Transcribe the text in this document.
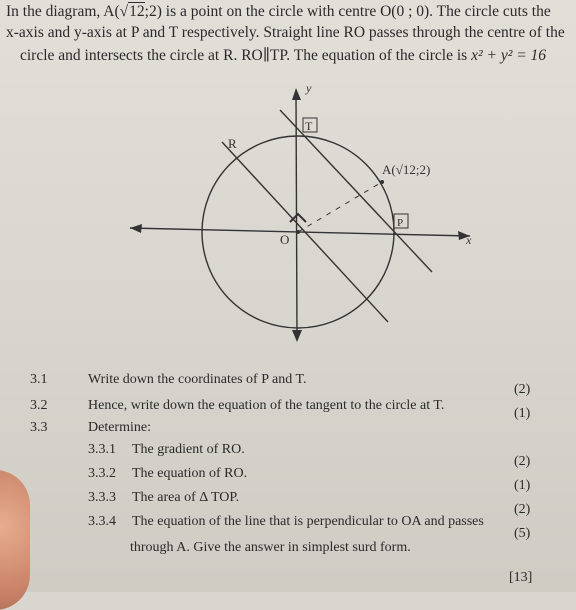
In the diagram, A(√12;2) is a point on the circle with centre O(0 ; 0). The circle cuts the
x-axis and y-axis at P and T respectively. Straight line RO passes through the centre of the
circle and intersects the circle at R. RO∥TP. The equation of the circle is x² + y² = 16
y
x
T
R
O
P
A(√12;2)
3.1	Write down the coordinates of P and T.
(2)
3.2	Hence, write down the equation of the tangent to the circle at T.
(1)
3.3	Determine:
3.3.1 The gradient of RO.
(2)
3.3.2 The equation of RO.
(1)
3.3.3 The area of Δ TOP.
(2)
3.3.4 The equation of the line that is perpendicular to OA and passes
(5)
through A. Give the answer in simplest surd form.
[13]
